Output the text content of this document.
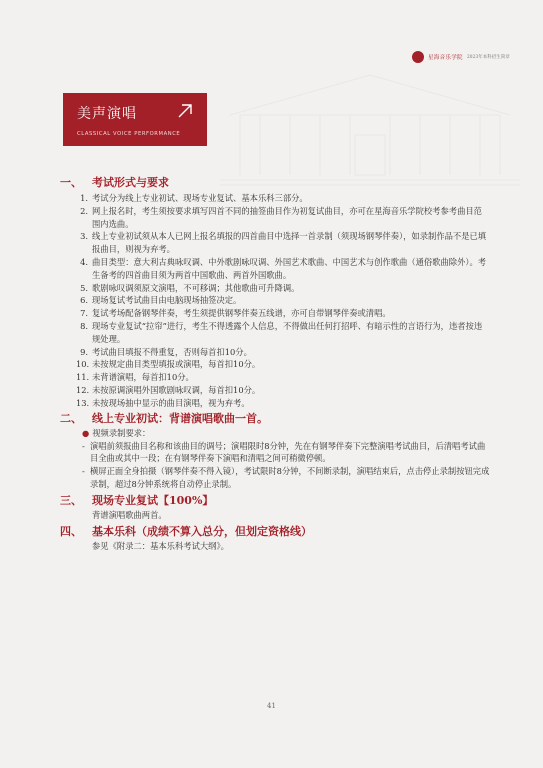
星海音乐学院 2023年本科招生简章
美声演唱
CLASSICAL VOICE PERFORMANCE
一、 考试形式与要求
1. 考试分为线上专业初试、现场专业复试、基本乐科三部分。
2. 网上报名时，考生须按要求填写四首不同的抽签曲目作为初复试曲目，亦可在星海音乐学院校考参考曲目范围内选曲。
3. 线上专业初试须从本人已网上报名填报的四首曲目中选择一首录制（须现场钢琴伴奏），如录制作品不是已填报曲目，则视为弃考。
4. 曲目类型：意大利古典咏叹调、中外歌剧咏叹调、外国艺术歌曲、中国艺术与创作歌曲（通俗歌曲除外）。考生备考的四首曲目须为两首中国歌曲、两首外国歌曲。
5. 歌剧咏叹调须原文演唱，不可移调；其他歌曲可升降调。
6. 现场复试考试曲目由电脑现场抽签决定。
7. 复试考场配备钢琴伴奏，考生须提供钢琴伴奏五线谱，亦可自带钢琴伴奏或清唱。
8. 现场专业复试“拉帘”进行，考生不得透露个人信息，不得做出任何打招呼、有暗示性的言语行为，违者按违规处理。
9. 考试曲目填报不得重复，否则每首扣10分。
10. 未按规定曲目类型填报或演唱，每首扣10分。
11. 未背谱演唱，每首扣10分。
12. 未按原调演唱外国歌剧咏叹调，每首扣10分。
13. 未按现场抽中显示的曲目演唱，视为弃考。
二、 线上专业初试：背谱演唱歌曲一首。
● 视频录制要求：
- 演唱前须报曲目名称和该曲目的调号；演唱限时8分钟，先在有钢琴伴奏下完整演唱考试曲目，后清唱考试曲目全曲或其中一段；在有钢琴伴奏下演唱和清唱之间可稍微停顿。
- 横屏正面全身拍摄（钢琴伴奏不得入镜），考试限时8分钟，不间断录制，演唱结束后，点击停止录制按钮完成录制，超过8分钟系统将自动停止录制。
三、 现场专业复试【100%】
背谱演唱歌曲两首。
四、 基本乐科（成绩不算入总分，但划定资格线）
参见《附录二：基本乐科考试大纲》。
41
